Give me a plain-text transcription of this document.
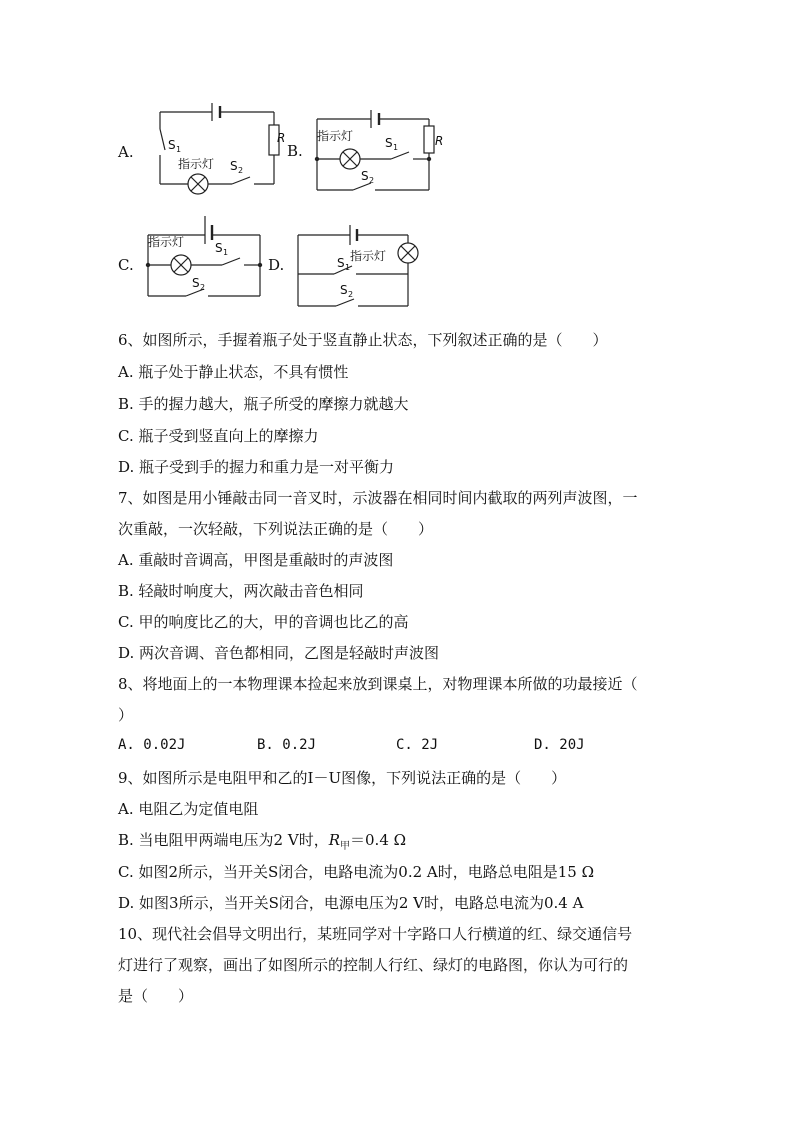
A.	B.
C.	D.
S 1
R
指示灯 S 2
指示灯	S 1	R
S 2
指示灯	S 1
S 2
S 1
指示灯
S 2
6、如图所示，手握着瓶子处于竖直静止状态，下列叙述正确的是（　　）
A. 瓶子处于静止状态，不具有惯性
B. 手的握力越大，瓶子所受的摩擦力就越大
C. 瓶子受到竖直向上的摩擦力
D. 瓶子受到手的握力和重力是一对平衡力
7、如图是用小锤敲击同一音叉时，示波器在相同时间内截取的两列声波图，一
次重敲，一次轻敲，下列说法正确的是（　　）
A. 重敲时音调高，甲图是重敲时的声波图
B. 轻敲时响度大，两次敲击音色相同
C. 甲的响度比乙的大，甲的音调也比乙的高
D. 两次音调、音色都相同，乙图是轻敲时声波图
8、将地面上的一本物理课本捡起来放到课桌上，对物理课本所做的功最接近（
）
A. 0.02J	B. 0.2J	C. 2J	D. 20J
9、如图所示是电阻甲和乙的I－U图像，下列说法正确的是（　　）
A. 电阻乙为定值电阻
B. 当电阻甲两端电压为2 V时，$R_甲=0.4$ Ω
C. 如图2所示，当开关S闭合，电路电流为0.2 A时，电路总电阻是15 Ω
D. 如图3所示，当开关S闭合，电源电压为2 V时，电路总电流为0.4 A
10、现代社会倡导文明出行，某班同学对十字路口人行横道的红、绿交通信号
灯进行了观察，画出了如图所示的控制人行红、绿灯的电路图，你认为可行的
是（　　）
